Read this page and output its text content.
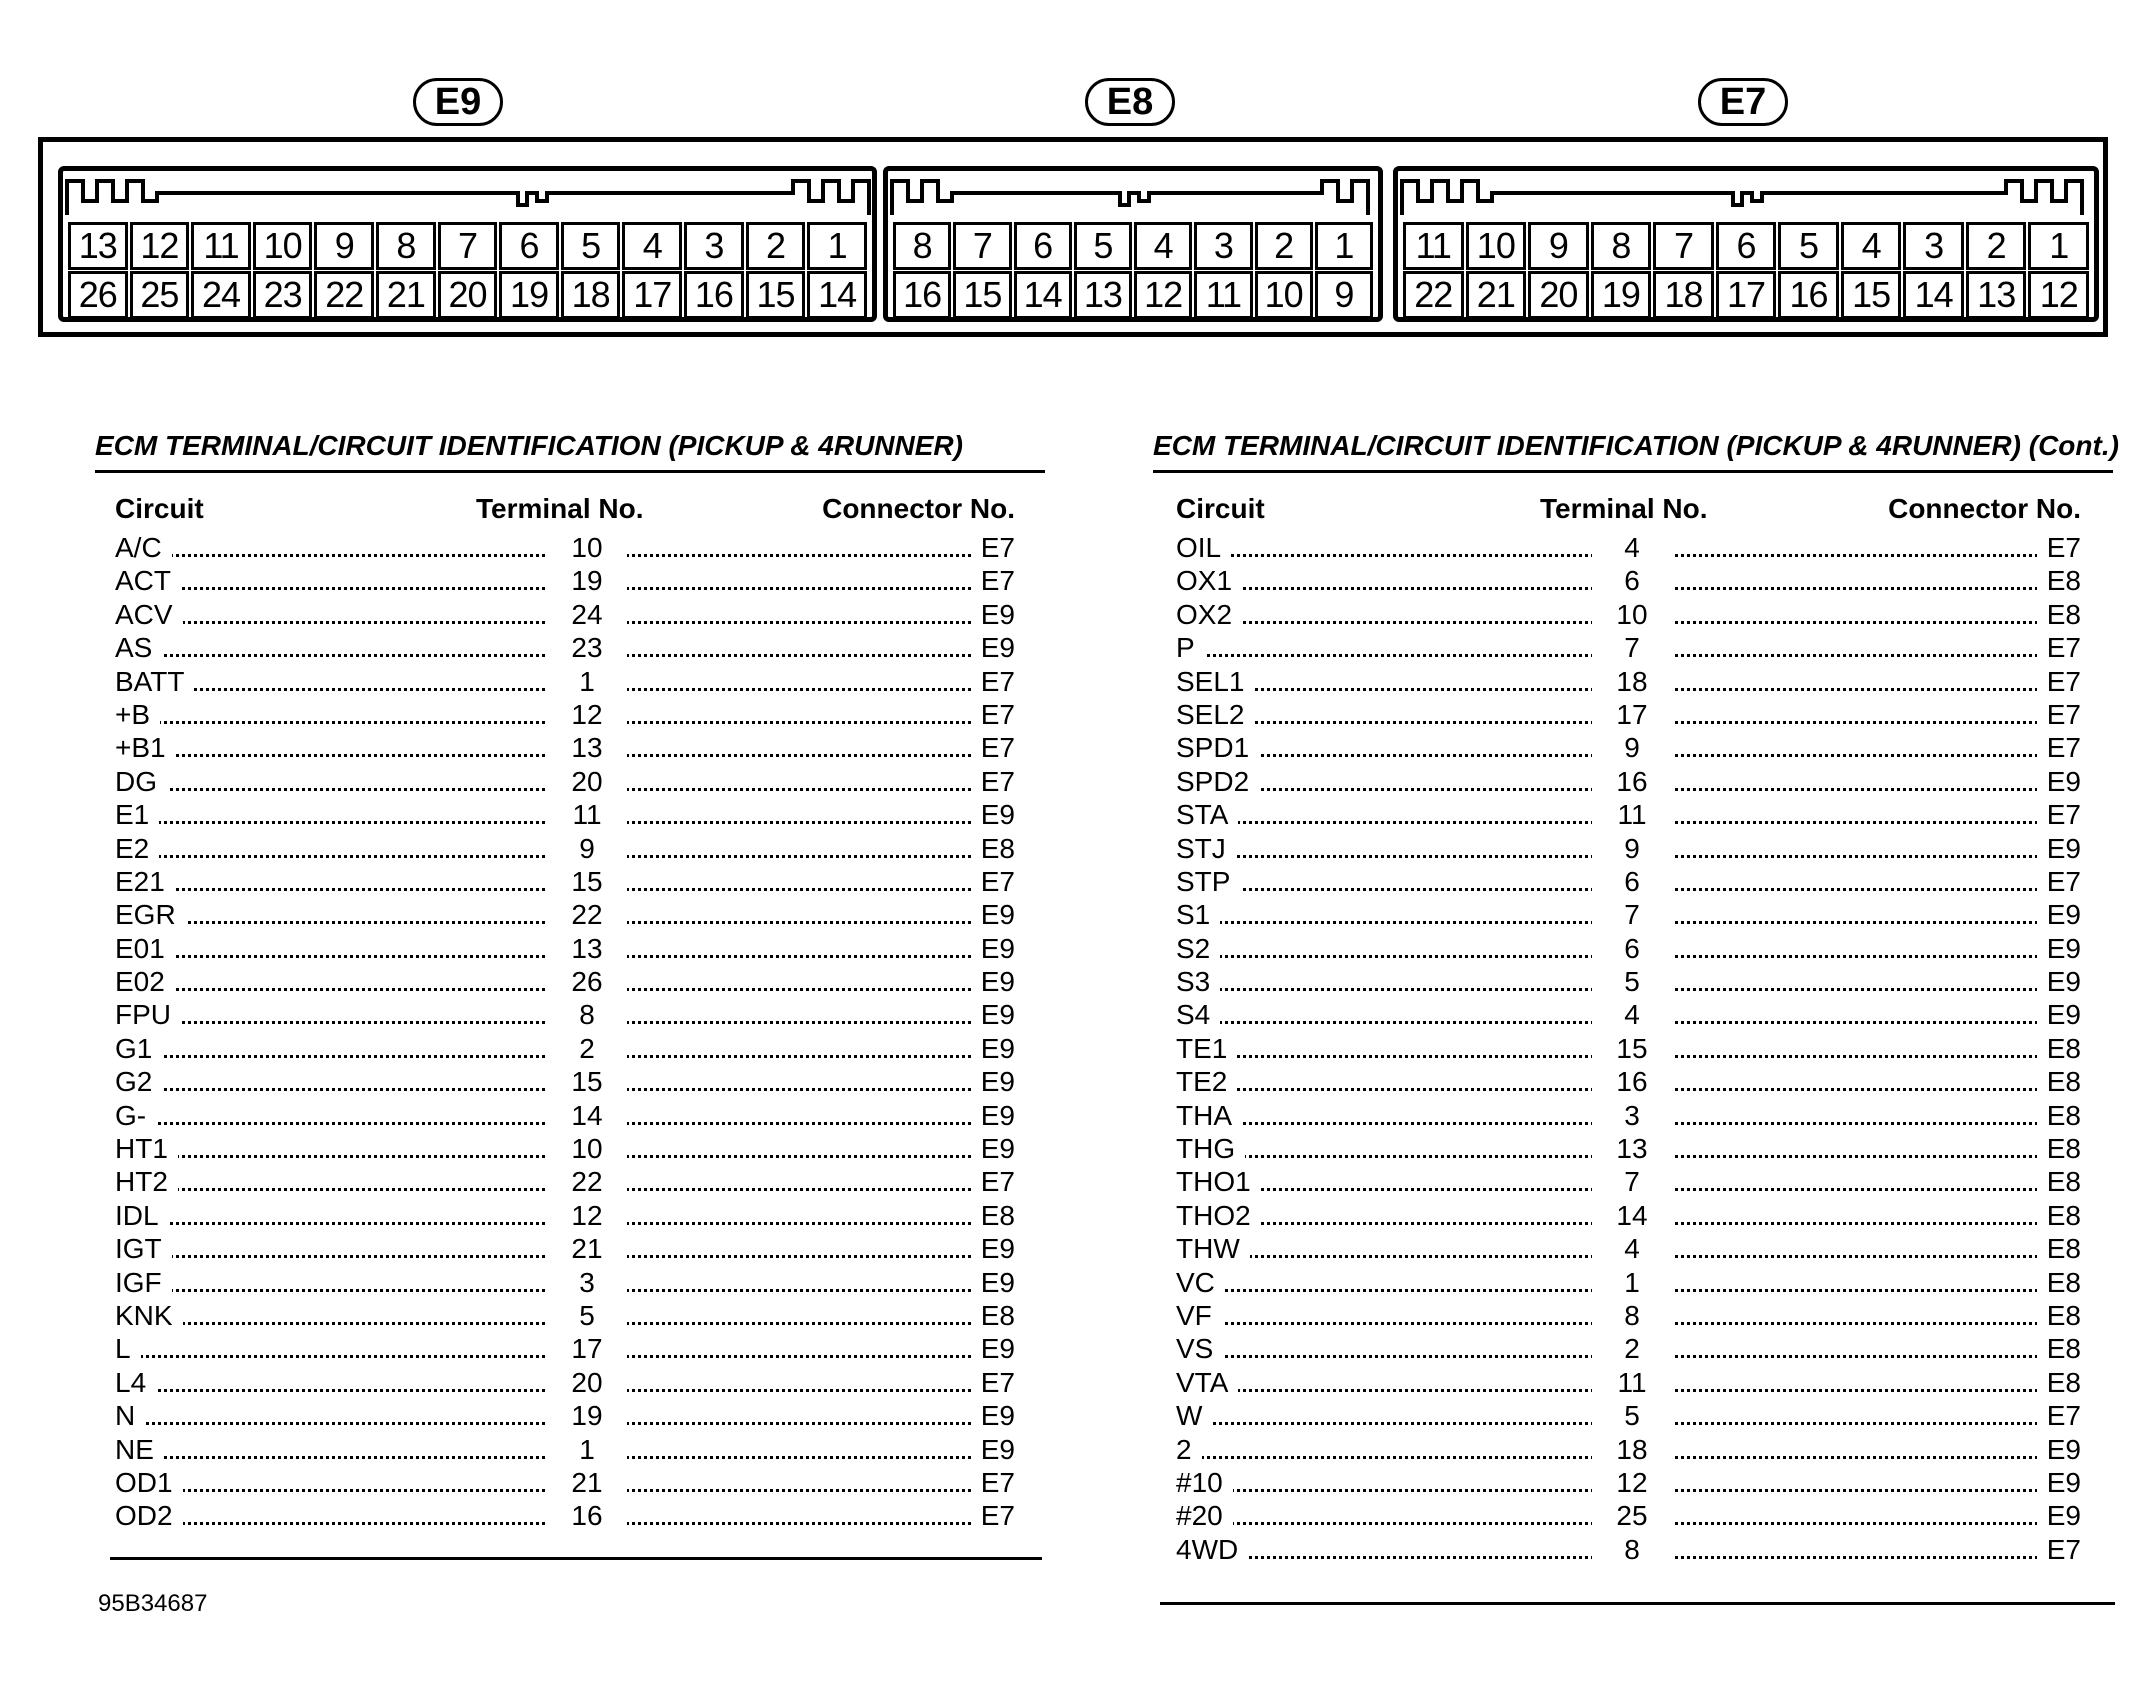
E9	E8	E7
13 12 11 10 9	8	7	6	5	4	3	2	1
26 25 24 23 22 21 20 19 18 17 16 15 14
8	7	6	5	4	3	2	1
16 15 14 13 12 11 10 9
11 10 9	8	7	6	5	4	3	2	1
22 21 20 19 18 17 16 15 14 13 12
ECM TERMINAL/CIRCUIT IDENTIFICATION (PICKUP & 4RUNNER)
Circuit	Terminal No.	Connector No.
A/C	10	E7
ACT	19	E7
ACV	24	E9
AS	23	E9
BATT	1	E7
+B	12	E7
+B1	13	E7
DG	20	E7
E1	11	E9
E2	9	E8
E21	15	E7
EGR	22	E9
E01	13	E9
E02	26	E9
FPU	8	E9
G1	2	E9
G2	15	E9
G-	14	E9
HT1	10	E9
HT2	22	E7
IDL	12	E8
IGT	21	E9
IGF	3	E9
KNK	5	E8
L	17	E9
L4	20	E7
N	19	E9
NE	1	E9
OD1	21	E7
OD2	16	E7
ECM TERMINAL/CIRCUIT IDENTIFICATION (PICKUP & 4RUNNER) (Cont.)
Circuit	Terminal No.	Connector No.
OIL	4	E7
OX1	6	E8
OX2	10	E8
P	7	E7
SEL1	18	E7
SEL2	17	E7
SPD1	9	E7
SPD2	16	E9
STA	11	E7
STJ	9	E9
STP	6	E7
S1	7	E9
S2	6	E9
S3	5	E9
S4	4	E9
TE1	15	E8
TE2	16	E8
THA	3	E8
THG	13	E8
THO1	7	E8
THO2	14	E8
THW	4	E8
VC	1	E8
VF	8	E8
VS	2	E8
VTA	11	E8
W	5	E7
2	18	E9
#10	12	E9
#20	25	E9
4WD	8	E7
95B34687
